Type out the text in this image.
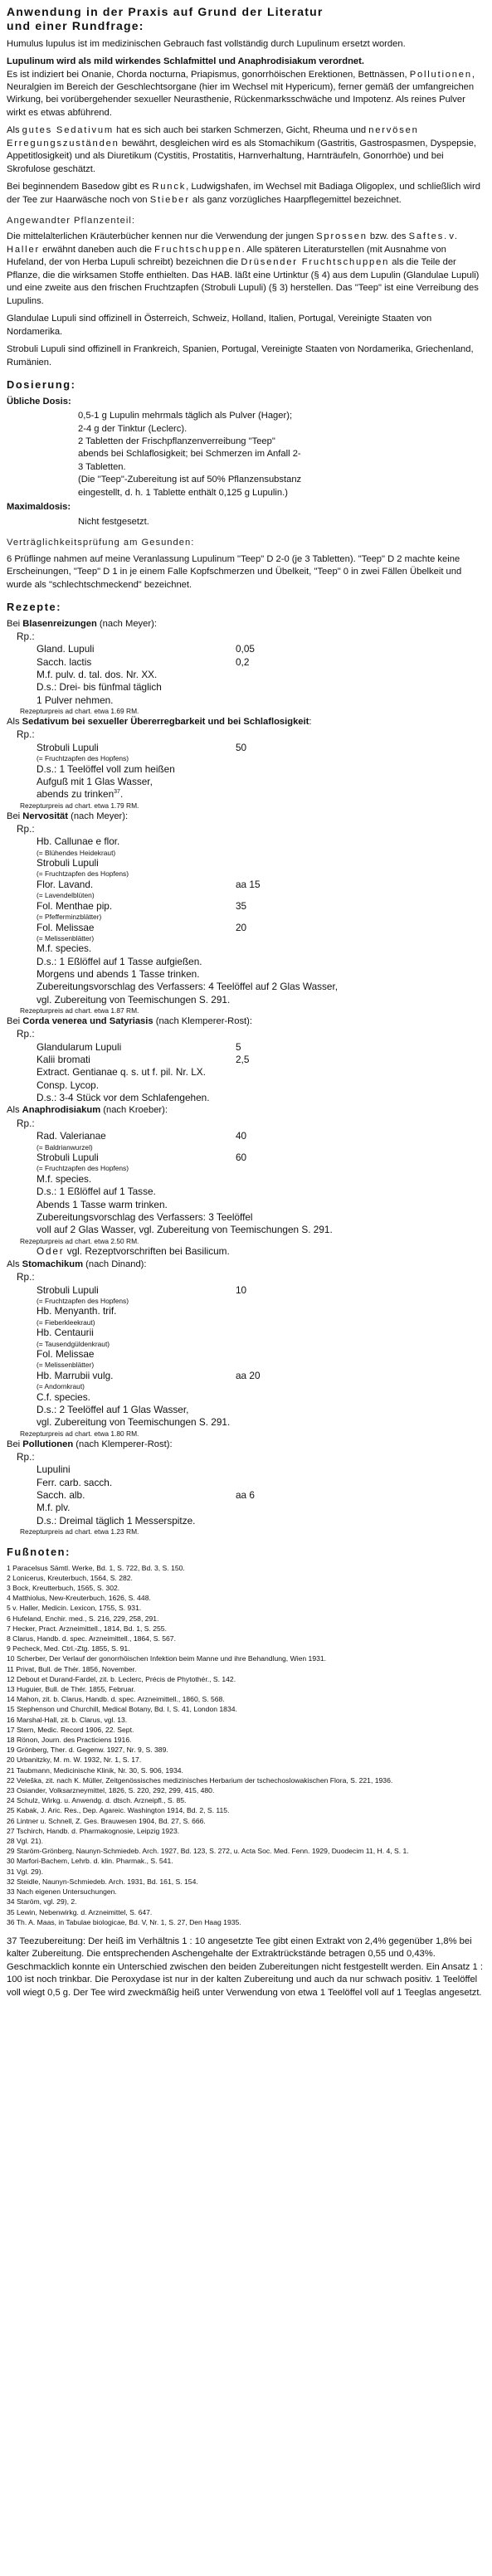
Anwendung in der Praxis auf Grund der Literatur
und einer Rundfrage:

Humulus lupulus ist im medizinischen Gebrauch fast vollständig durch Lupulinum ersetzt worden.

Lupulinum wird als mild wirkendes Schlafmittel und Anaphrodisiakum verordnet.

Es ist indiziert bei Onanie, Chorda nocturna, Priapismus, gonorrhöischen Erektionen, Bettnässen, Pollutionen, Neuralgien im Bereich der Geschlechtsorgane (hier im Wechsel mit Hypericum), ferner gemäß der umfangreichen Wirkung, bei vorübergehender sexueller Neurasthenie, Rückenmarksschwäche und Impotenz. Als reines Pulver wirkt es etwas abführend.

Als gutes Sedativum hat es sich auch bei starken Schmerzen, Gicht, Rheuma und nervösen Erregungszuständen bewährt, desgleichen wird es als Stomachikum (Gastritis, Gastrospasmen, Dyspepsie, Appetitlosigkeit) und als Diuretikum (Cystitis, Prostatitis, Harnverhaltung, Harnträufeln, Gonorrhöe) und bei Skrofulose geschätzt.

Bei beginnendem Basedow gibt es Runck, Ludwigshafen, im Wechsel mit Badiaga Oligoplex, und schließlich wird der Tee zur Haarwäsche noch von Stieber als ganz vorzügliches Haarpflegemittel bezeichnet.

Angewandter Pflanzenteil:

Die mittelalterlichen Kräuterbücher kennen nur die Verwendung der jungen Sprossen bzw. des Saftes. v. Haller erwähnt daneben auch die Fruchtschuppen. Alle späteren Literaturstellen (mit Ausnahme von Hufeland, der von Herba Lupuli schreibt) bezeichnen die Drüsender Fruchtschuppen als die Teile der Pflanze, die die wirksamen Stoffe enthielten. Das HAB. läßt eine Urtinktur (§ 4) aus dem Lupulin (Glandulae Lupuli) und eine zweite aus den frischen Fruchtzapfen (Strobuli Lupuli) (§ 3) herstellen. Das "Teep" ist eine Verreibung des Lupulins.

Glandulae Lupuli sind offizinell in Österreich, Schweiz, Holland, Italien, Portugal, Vereinigte Staaten von Nordamerika.

Strobuli Lupuli sind offizinell in Frankreich, Spanien, Portugal, Vereinigte Staaten von Nordamerika, Griechenland, Rumänien.

Dosierung:
Übliche Dosis:
0,5-1 g Lupulin mehrmals täglich als Pulver (Hager);
2-4 g der Tinktur (Leclerc).
2 Tabletten der Frischpflanzenverreibung "Teep" abends bei Schlaflosigkeit; bei Schmerzen im Anfall 2-3 Tabletten.
(Die "Teep"-Zubereitung ist auf 50% Pflanzensubstanz eingestellt, d. h. 1 Tablette enthält 0,125 g Lupulin.)
Maximaldosis:
Nicht festgesetzt.
Verträglichkeitsprüfung am Gesunden:

6 Prüflinge nahmen auf meine Veranlassung Lupulinum "Teep" D 2-0 (je 3 Tabletten). "Teep" D 2 machte keine Erscheinungen, "Teep" D 1 in je einem Falle Kopfschmerzen und Übelkeit, "Teep" 0 in zwei Fällen Übelkeit und wurde als "schlechtschmeckend" bezeichnet.

Rezepte:
Bei Blasenreizungen (nach Meyer):
Rp.:
Gland. Lupuli	0,05
Sacch. lactis	0,2
M.f. pulv. d. tal. dos. Nr. XX.
D.s.: Drei- bis fünfmal täglich
1 Pulver nehmen.
Rezepturpreis ad chart. etwa 1.69 RM.
Als Sedativum bei sexueller Übererregbarkeit und bei Schlaflosigkeit:
Rp.:
Strobuli Lupuli	50
(= Fruchtzapfen des Hopfens)
D.s.: 1 Teelöffel voll zum heißen
Aufguß mit 1 Glas Wasser,
abends zu trinken$^{37}$.
Rezepturpreis ad chart. etwa 1.79 RM.
Bei Nervosität (nach Meyer):
Rp.:
Hb. Callunae e flor.
(= Blühendes Heidekraut)
Strobuli Lupuli
(= Fruchtzapfen des Hopfens)
Flor. Lavand.	aa 15
(= Lavendelblüten)
Fol. Menthae pip.	35
(= Pfefferminzblätter)
Fol. Melissae	20
(= Melissenblätter)
M.f. species.
D.s.: 1 Eßlöffel auf 1 Tasse aufgießen.
Morgens und abends 1 Tasse trinken.
Zubereitungsvorschlag des Verfassers: 4 Teelöffel auf 2 Glas Wasser,
vgl. Zubereitung von Teemischungen S. 291.
Rezepturpreis ad chart. etwa 1.87 RM.
Bei Corda venerea und Satyriasis (nach Klemperer-Rost):
Rp.:
Glandularum Lupuli	5
Kalii bromati	2,5
Extract. Gentianae q. s. ut f. pil. Nr. LX.
Consp. Lycop.
D.s.: 3-4 Stück vor dem Schlafengehen.
Als Anaphrodisiakum (nach Kroeber):
Rp.:
Rad. Valerianae	40
(= Baldrianwurzel)
Strobuli Lupuli	60
(= Fruchtzapfen des Hopfens)
M.f. species.
D.s.: 1 Eßlöffel auf 1 Tasse.
Abends 1 Tasse warm trinken.
Zubereitungsvorschlag des Verfassers: 3 Teelöffel
voll auf 2 Glas Wasser, vgl. Zubereitung von Teemischungen S. 291.
Rezepturpreis ad chart. etwa 2.50 RM.
Oder vgl. Rezeptvorschriften bei Basilicum.
Als Stomachikum (nach Dinand):
Rp.:
Strobuli Lupuli	10
(= Fruchtzapfen des Hopfens)
Hb. Menyanth. trif.
(= Fieberkleekraut)
Hb. Centaurii
(= Tausendgüldenkraut)
Fol. Melissae
(= Melissenblätter)
Hb. Marrubii vulg.	aa 20
(= Andornkraut)
C.f. species.
D.s.: 2 Teelöffel auf 1 Glas Wasser,
vgl. Zubereitung von Teemischungen S. 291.
Rezepturpreis ad chart. etwa 1.80 RM.
Bei Pollutionen (nach Klemperer-Rost):
Rp.:
Lupulini
Ferr. carb. sacch.
Sacch. alb.	aa 6
M.f. plv.
D.s.: Dreimal täglich 1 Messerspitze.
Rezepturpreis ad chart. etwa 1.23 RM.
Fußnoten:
1 Paracelsus Sämtl. Werke, Bd. 1, S. 722, Bd. 3, S. 150.
2 Lonicerus, Kreuterbuch, 1564, S. 282.
3 Bock, Kreutterbuch, 1565, S. 302.
4 Matthiolus, New-Kreuterbuch, 1626, S. 448.
5 v. Haller, Medicin. Lexicon, 1755, S. 931.
6 Hufeland, Enchir. med., S. 216, 229, 258, 291.
7 Hecker, Pract. Arzneimittell., 1814, Bd. 1, S. 255.
8 Clarus, Handb. d. spec. Arzneimittell., 1864, S. 567.
9 Pecheck, Med. Ctrl.-Ztg. 1855, S. 91.
10 Scherber, Der Verlauf der gonorrhöischen Infektion beim Manne und ihre Behandlung, Wien 1931.
11 Privat, Bull. de Thér. 1856, November.
12 Debout et Durand-Fardel, zit. b. Leclerc, Précis de Phytothér., S. 142.
13 Huguier, Bull. de Thér. 1855, Februar.
14 Mahon, zit. b. Clarus, Handb. d. spec. Arzneimittell., 1860, S. 568.
15 Stephenson und Churchill, Medical Botany, Bd. I, S. 41, London 1834.
16 Marshal-Hall, zit. b. Clarus, vgl. 13.
17 Stern, Medic. Record 1906, 22. Sept.
18 Rönon, Journ. des Practiciens 1916.
19 Grönberg, Ther. d. Gegenw. 1927, Nr. 9, S. 389.
20 Urbanitzky, M. m. W. 1932, Nr. 1, S. 17.
21 Taubmann, Medicinische Klinik, Nr. 30, S. 906, 1934.
22 Veleška, zit. nach K. Müller, Zeitgenössisches medizinisches Herbarium der tschechoslowakischen Flora, S. 221, 1936.
23 Osiander, Volksarzneymittel, 1826, S. 220, 292, 299, 415, 480.
24 Schulz, Wirkg. u. Anwendg. d. dtsch. Arzneipfl., S. 85.
25 Kabak, J. Aric. Res., Dep. Agareic. Washington 1914, Bd. 2, S. 115.
26 Lintner u. Schnell, Z. Ges. Brauwesen 1904, Bd. 27, S. 666.
27 Tschirch, Handb. d. Pharmakognosie, Leipzig 1923.
28 Vgl. 21).
29 Staröm-Grönberg, Naunyn-Schmiedeb. Arch. 1927, Bd. 123, S. 272, u. Acta Soc. Med. Fenn. 1929, Duodecim 11, H. 4, S. 1.
30 Marfori-Bachem, Lehrb. d. klin. Pharmak., S. 541.
31 Vgl. 29).
32 Steidle, Naunyn-Schmiedeb. Arch. 1931, Bd. 161, S. 154.
33 Nach eigenen Untersuchungen.
34 Staröm, vgl. 29), 2.
35 Lewin, Nebenwirkg. d. Arzneimittel, S. 647.
36 Th. A. Maas, in Tabulae biologicae, Bd. V, Nr. 1, S. 27, Den Haag 1935.

37 Teezubereitung: Der heiß im Verhältnis 1 : 10 angesetzte Tee gibt einen Extrakt von 2,4% gegenüber 1,8% bei kalter Zubereitung. Die entsprechenden Aschengehalte der Extraktrückstände betragen 0,55 und 0,43%. Geschmacklich konnte ein Unterschied zwischen den beiden Zubereitungen nicht festgestellt werden. Ein Ansatz 1 : 100 ist noch trinkbar. Die Peroxydase ist nur in der kalten Zubereitung und auch da nur schwach positiv. 1 Teelöffel voll wiegt 0,5 g. Der Tee wird zweckmäßig heiß unter Verwendung von etwa 1 Teelöffel voll auf 1 Teeglas angesetzt.
